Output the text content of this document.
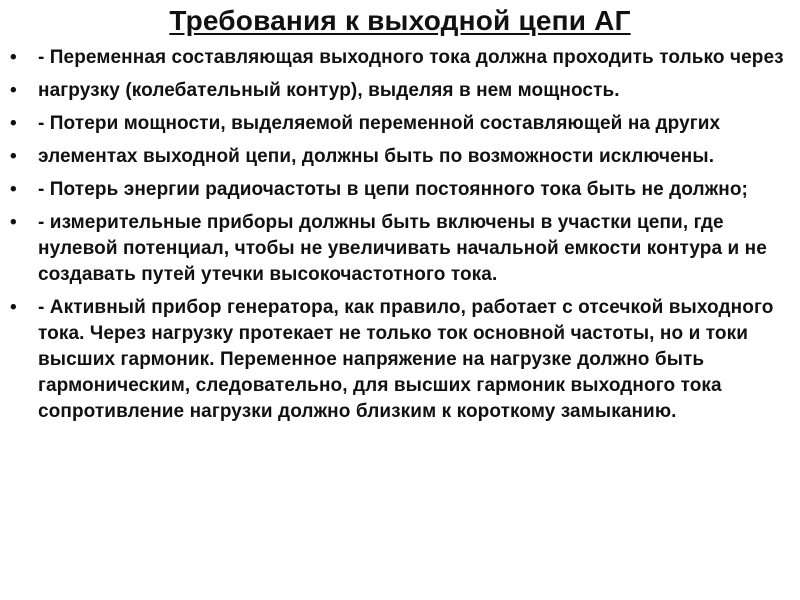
Требования к выходной цепи АГ
• - Переменная составляющая выходного тока должна проходить только через
• нагрузку (колебательный контур), выделяя в нем мощность.
• - Потери мощности, выделяемой переменной составляющей на других
• элементах выходной цепи, должны быть по возможности исключены.
• - Потерь энергии радиочастоты в цепи постоянного тока быть не должно;
• - измерительные приборы должны быть включены в участки цепи, где нулевой потенциал, чтобы не увеличивать начальной емкости контура и не создавать путей утечки высокочастотного тока.
• - Активный прибор генератора, как правило, работает с отсечкой выходного тока. Через нагрузку протекает не только ток основной частоты, но и токи высших гармоник. Переменное напряжение на нагрузке должно быть гармоническим, следовательно, для высших гармоник выходного тока сопротивление нагрузки должно близким к короткому замыканию.
